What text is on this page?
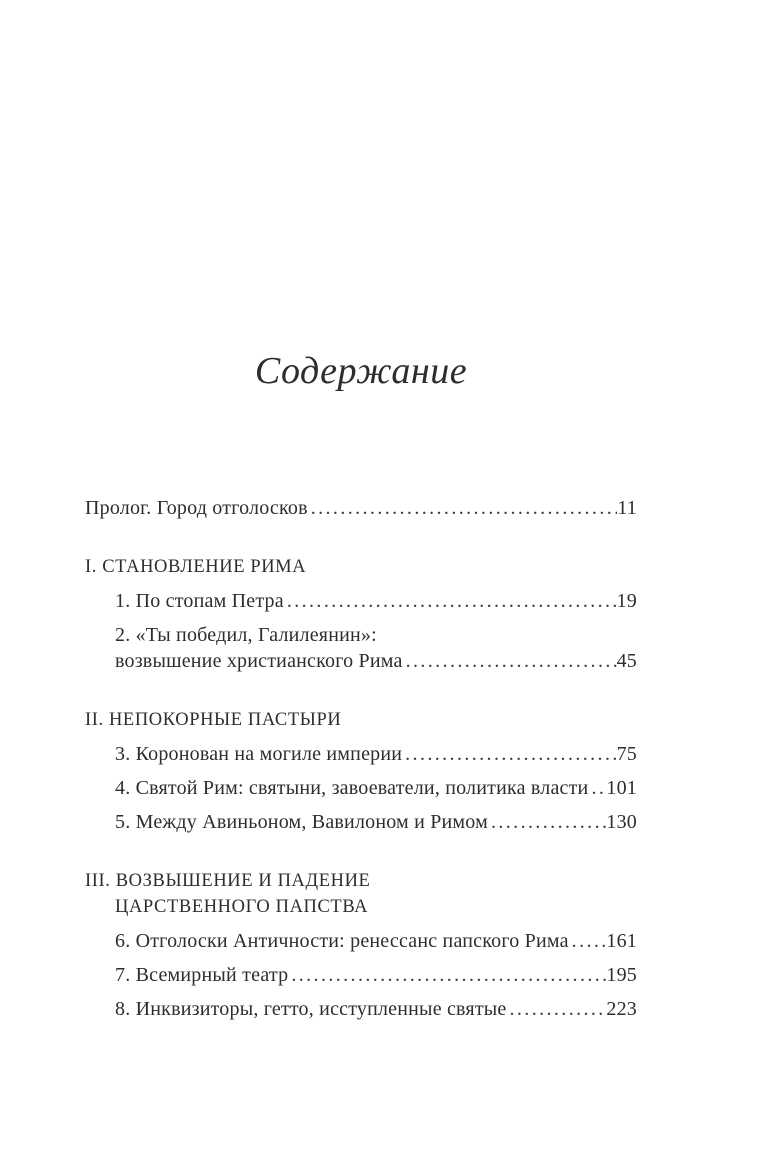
Содержание
Пролог. Город отголосков .....	11
I. СТАНОВЛЕНИЕ РИМА
1. По стопам Петра .....	19
2. «Ты победил, Галилеянин»:
возвышение христианского Рима .....	45
II. НЕПОКОРНЫЕ ПАСТЫРИ
3. Коронован на могиле империи .....	75
4. Святой Рим: святыни, завоеватели, политика власти ..... 101
5. Между Авиньоном, Вавилоном и Римом .....	130
III. ВОЗВЫШЕНИЕ И ПАДЕНИЕ
ЦАРСТВЕННОГО ПАПСТВА
6. Отголоски Античности: ренессанс папского Рима ..... 161
7. Всемирный театр .....	195
8. Инквизиторы, гетто, исступленные святые .....	223
